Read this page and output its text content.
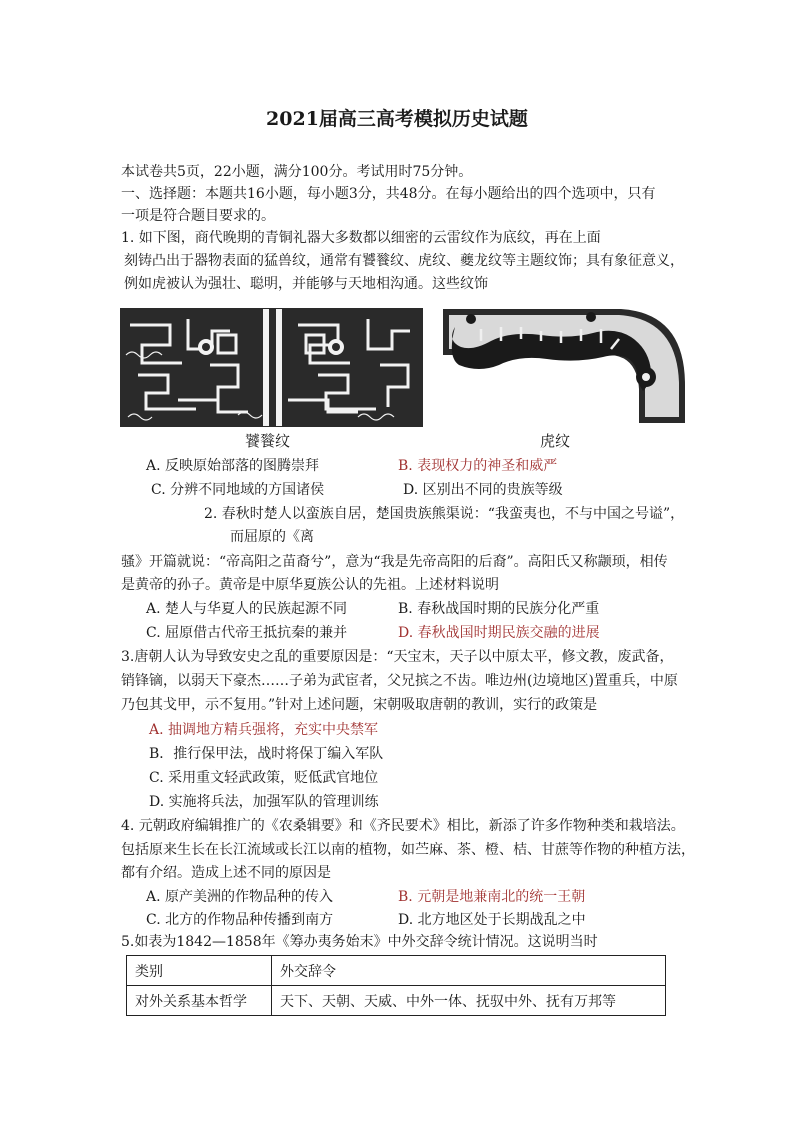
2021届高三高考模拟历史试题
本试卷共5页，22小题，满分100分。考试用时75分钟。
一、选择题：本题共16小题，每小题3分，共48分。在每小题给出的四个选项中，只有
一项是符合题目要求的。
1. 如下图，商代晚期的青铜礼器大多数都以细密的云雷纹作为底纹，再在上面
刻铸凸出于器物表面的猛兽纹，通常有饕餮纹、虎纹、夔龙纹等主题纹饰；具有象征意义，
例如虎被认为强壮、聪明，并能够与天地相沟通。这些纹饰
饕餮纹	虎纹
A. 反映原始部落的图腾崇拜	B. 表现权力的神圣和威严
C. 分辨不同地域的方国诸侯	D. 区别出不同的贵族等级
2. 春秋时楚人以蛮族自居，楚国贵族熊渠说：“我蛮夷也，不与中国之号谥”，
而屈原的《离
骚》开篇就说：“帝高阳之苗裔兮”，意为“我是先帝高阳的后裔”。高阳氏又称颛顼，相传
是黄帝的孙子。黄帝是中原华夏族公认的先祖。上述材料说明
A. 楚人与华夏人的民族起源不同	B. 春秋战国时期的民族分化严重
C. 屈原借古代帝王抵抗秦的兼并	D. 春秋战国时期民族交融的进展
3.唐朝人认为导致安史之乱的重要原因是：“天宝末，天子以中原太平，修文教，废武备，
销锋镝，以弱天下豪杰……子弟为武宦者，父兄摈之不齿。唯边州(边境地区)置重兵，中原
乃包其戈甲，示不复用。”针对上述问题，宋朝吸取唐朝的教训，实行的政策是
A. 抽调地方精兵强将，充实中央禁军
B．推行保甲法，战时将保丁编入军队
C. 采用重文轻武政策，贬低武官地位
D. 实施将兵法，加强军队的管理训练
4. 元朝政府编辑推广的《农桑辑要》和《齐民要术》相比，新添了许多作物种类和栽培法。
包括原来生长在长江流域或长江以南的植物，如苎麻、茶、橙、桔、甘蔗等作物的种植方法，
都有介绍。造成上述不同的原因是
A. 原产美洲的作物品种的传入	B. 元朝是地兼南北的统一王朝
C. 北方的作物品种传播到南方	D. 北方地区处于长期战乱之中
5.如表为1842—1858年《筹办夷务始末》中外交辞令统计情况。这说明当时
类别	外交辞令
对外关系基本哲学	天下、天朝、天威、中外一体、抚驭中外、抚有万邦等
